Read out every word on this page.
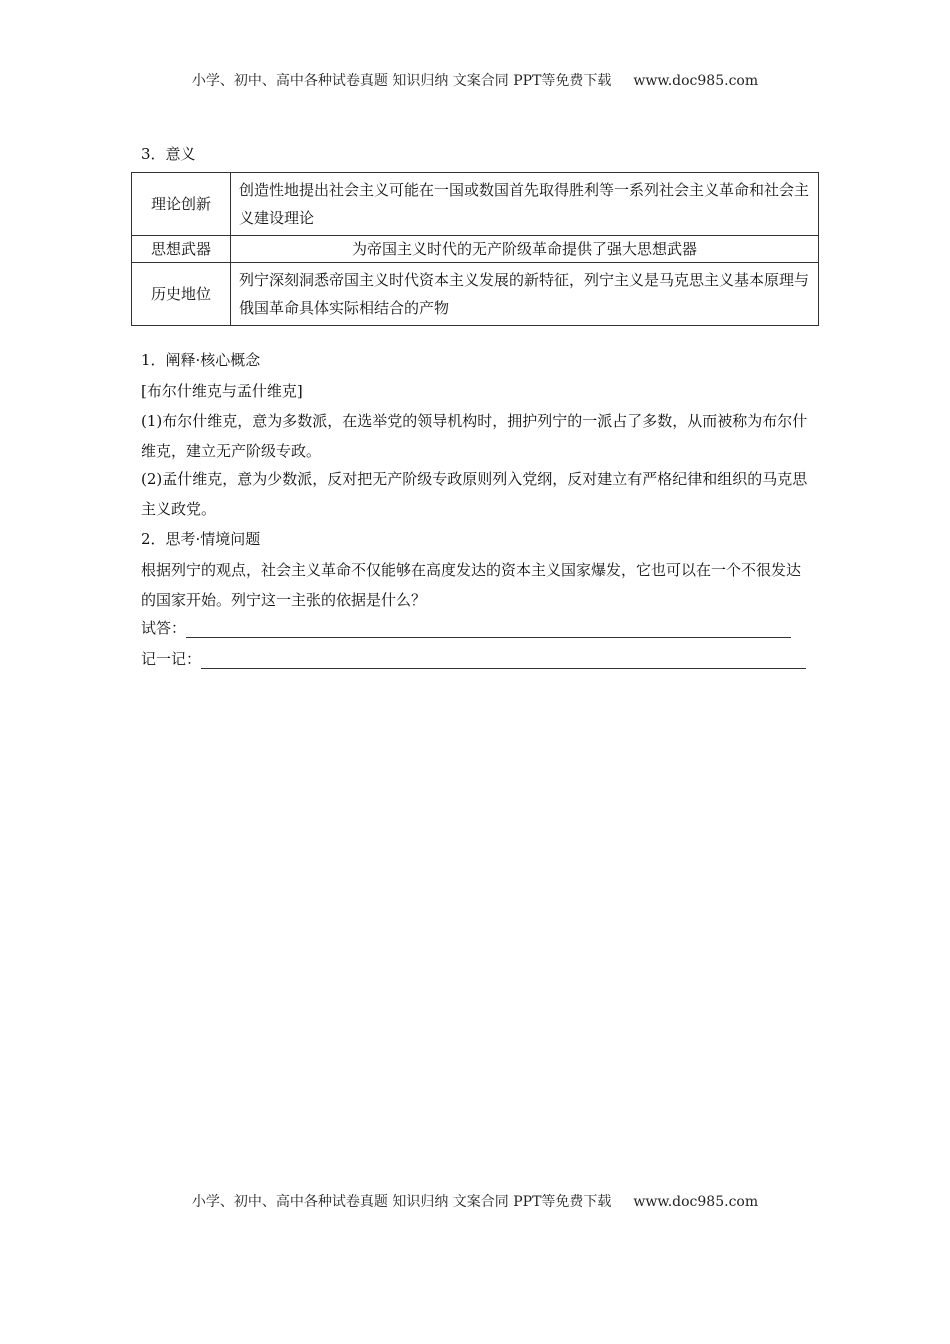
小学、初中、高中各种试卷真题 知识归纳 文案合同 PPT等免费下载 www.doc985.com
3．意义
理论创新	创造性地提出社会主义可能在一国或数国首先取得胜利等一系列社会主义革命和社会主义建设理论
思想武器	为帝国主义时代的无产阶级革命提供了强大思想武器
历史地位	列宁深刻洞悉帝国主义时代资本主义发展的新特征，列宁主义是马克思主义基本原理与俄国革命具体实际相结合的产物
1．阐释·核心概念
[布尔什维克与孟什维克]
(1)布尔什维克，意为多数派，在选举党的领导机构时，拥护列宁的一派占了多数，从而被称为布尔什维克，建立无产阶级专政。
(2)孟什维克，意为少数派，反对把无产阶级专政原则列入党纲，反对建立有严格纪律和组织的马克思主义政党。
2．思考·情境问题
根据列宁的观点，社会主义革命不仅能够在高度发达的资本主义国家爆发，它也可以在一个不很发达的国家开始。列宁这一主张的依据是什么？
试答：
记一记：
小学、初中、高中各种试卷真题 知识归纳 文案合同 PPT等免费下载 www.doc985.com
